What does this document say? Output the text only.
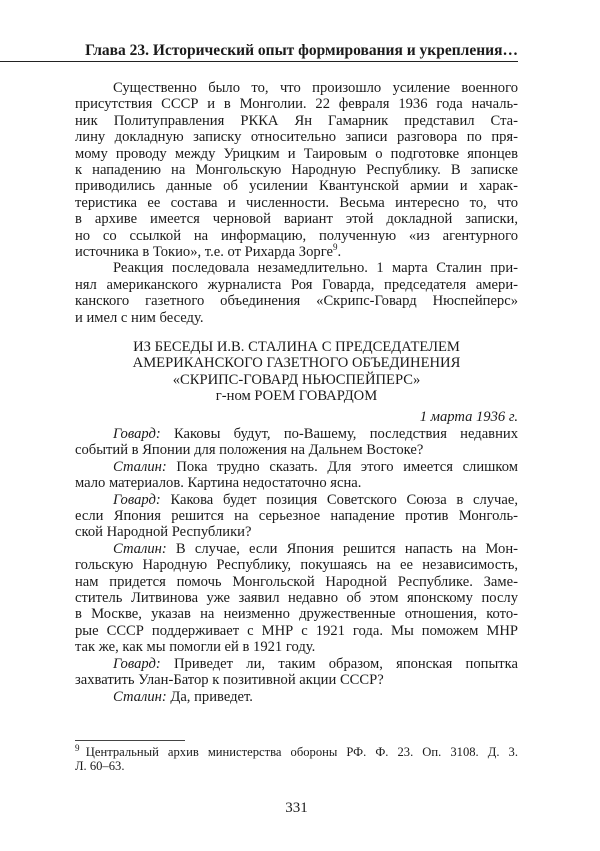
Глава 23. Исторический опыт формирования и укрепления…
Существенно было то, что произошло усиление военного
присутствия СССР и в Монголии. 22 февраля 1936 года началь-
ник Политуправления РККА Ян Гамарник представил Ста-
лину докладную записку относительно записи разговора по пря-
мому проводу между Урицким и Таировым о подготовке японцев
к нападению на Монгольскую Народную Республику. В записке
приводились данные об усилении Квантунской армии и харак-
теристика ее состава и численности. Весьма интересно то, что
в архиве имеется черновой вариант этой докладной записки,
но со ссылкой на информацию, полученную «из агентурного
источника в Токио», т.е. от Рихарда Зорге$^9$.
Реакция последовала незамедлительно. 1 марта Сталин при-
нял американского журналиста Роя Говарда, председателя амери-
канского газетного объединения «Скрипс-Говард Нюспейперс»
и имел с ним беседу.
ИЗ БЕСЕДЫ И.В. СТАЛИНА С ПРЕДСЕДАТЕЛЕМ
АМЕРИКАНСКОГО ГАЗЕТНОГО ОБЪЕДИНЕНИЯ
«СКРИПС-ГОВАРД НЬЮСПЕЙПЕРС»
г-ном РОЕМ ГОВАРДОМ
1 марта 1936 г.
Говард: Каковы будут, по-Вашему, последствия недавних
событий в Японии для положения на Дальнем Востоке?
Сталин: Пока трудно сказать. Для этого имеется слишком
мало материалов. Картина недостаточно ясна.
Говард: Какова будет позиция Советского Союза в случае,
если Япония решится на серьезное нападение против Монголь-
ской Народной Республики?
Сталин: В случае, если Япония решится напасть на Мон-
гольскую Народную Республику, покушаясь на ее независимость,
нам придется помочь Монгольской Народной Республике. Заме-
ститель Литвинова уже заявил недавно об этом японскому послу
в Москве, указав на неизменно дружественные отношения, кото-
рые СССР поддерживает с МНР с 1921 года. Мы поможем МНР
так же, как мы помогли ей в 1921 году.
Говард: Приведет ли, таким образом, японская попытка
захватить Улан-Батор к позитивной акции СССР?
Сталин: Да, приведет.
$^9$  Центральный архив министерства обороны РФ. Ф. 23. Оп. 3108. Д. 3.
Л. 60–63.
331
